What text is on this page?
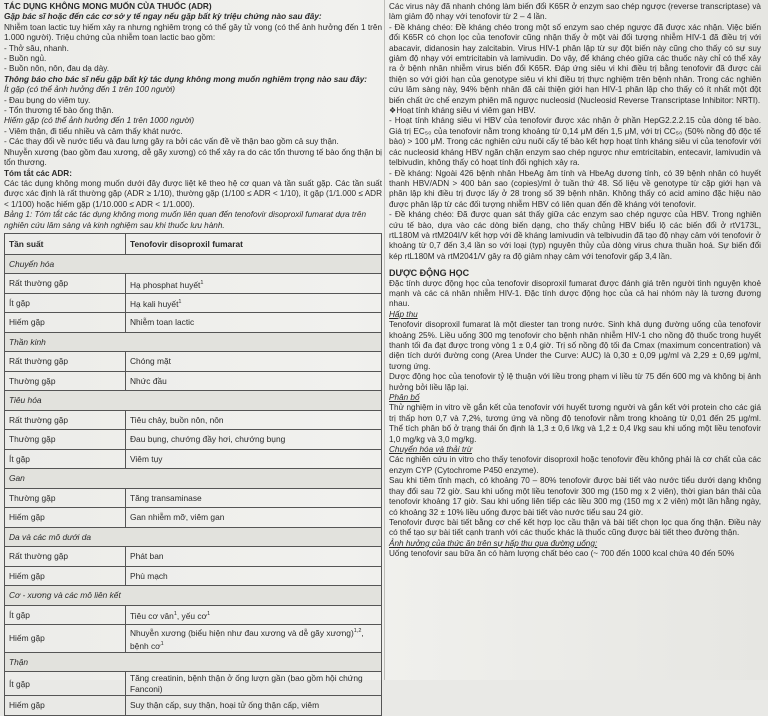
TÁC DỤNG KHÔNG MONG MUỐN CỦA THUỐC (ADR)

Gặp bác sĩ hoặc đến các cơ sở y tế ngay nếu gặp bất kỳ triệu chứng nào sau đây:

Nhiễm toan lactic tuy hiếm xảy ra nhưng nghiêm trọng có thể gây tử vong (có thể ảnh hưởng đến 1 trên 1.000 người). Triệu chứng của nhiễm toan lactic bao gồm:

- Thở sâu, nhanh.

- Buồn ngủ.

- Buồn nôn, nôn, đau dạ dày.

Thông báo cho bác sĩ nếu gặp bất kỳ tác dụng không mong muốn nghiêm trọng nào sau đây:

Ít gặp (có thể ảnh hưởng đến 1 trên 100 người)

- Đau bụng do viêm tụy.

- Tổn thương tế bào ống thận.

Hiếm gặp (có thể ảnh hưởng đến 1 trên 1000 người)

- Viêm thận, đi tiểu nhiều và cảm thấy khát nước.

- Các thay đổi về nước tiểu và đau lưng gây ra bởi các vấn đề về thận bao gồm cả suy thận.

Nhuyễn xương (bao gồm đau xương, dễ gãy xương) có thể xảy ra do các tổn thương tế bào ống thận bị tổn thương.

Tóm tắt các ADR:

Các tác dụng không mong muốn dưới đây được liệt kê theo hệ cơ quan và tần suất gặp. Các tần suất được xác định là rất thường gặp (ADR ≥ 1/10), thường gặp (1/100 ≤ ADR < 1/10), ít gặp (1/1.000 ≤ ADR < 1/100) hoặc hiếm gặp (1/10.000 ≤ ADR < 1/1.000).

Bảng 1: Tóm tắt các tác dụng không mong muốn liên quan đến tenofovir disoproxil fumarat dựa trên nghiên cứu lâm sàng và kinh nghiệm sau khi thuốc lưu hành.

Tần suất	Tenofovir disoproxil fumarat
Chuyển hóa	
Rất thường gặp	Hạ phosphat huyết$^1$
Ít gặp	Hạ kali huyết$^1$
Hiếm gặp	Nhiễm toan lactic
Thần kinh	
Rất thường gặp	Chóng mặt
Thường gặp	Nhức đầu
Tiêu hóa	
Rất thường gặp	Tiêu chảy, buồn nôn, nôn
Thường gặp	Đau bụng, chướng đầy hơi, chướng bụng
Ít gặp	Viêm tụy
Gan	
Thường gặp	Tăng transaminase
Hiếm gặp	Gan nhiễm mỡ, viêm gan
Da và các mô dưới da	
Rất thường gặp	Phát ban
Hiếm gặp	Phù mạch
Cơ - xương và các mô liên kết	
Ít gặp	Tiêu cơ vân$^1$, yếu $cơ^1$
Hiếm gặp	Nhuyễn xương (biểu hiện như đau xương và dễ gãy xương)$^{1,2}$, bệnh $cơ^1$
Thận	
Ít gặp	Tăng creatinin, bệnh thận ở ống lượn gần (bao gồm hội chứng Fanconi)
Hiếm gặp	Suy thận cấp, suy thận, hoại tử ống thận cấp, viêm

Các virus này đã nhanh chóng làm biến đổi K65R ở enzym sao chép ngược (reverse transcriptase) và làm giảm độ nhạy với tenofovir từ 2 – 4 lần.

- Đề kháng chéo: Đề kháng chéo trong một số enzym sao chép ngược đã được xác nhận. Việc biến đổi K65R có chọn lọc của tenofovir cũng nhận thấy ở một vài đối tượng nhiễm HIV-1 đã điều trị với abacavir, didanosin hay zalcitabin. Virus HIV-1 phân lập từ sự đột biến này cũng cho thấy có sự suy giảm độ nhạy với emtricitabin và lamivudin. Do vậy, để kháng chéo giữa các thuốc này chỉ có thể xảy ra ở bệnh nhân nhiễm virus biến đổi K65R. Đáp ứng siêu vi khi điều trị bằng tenofovir đã được cải thiện so với giới hạn của genotype siêu vi khi điều trị thực nghiệm trên bệnh nhân. Trong các nghiên cứu lâm sàng này, 94% bệnh nhân đã cải thiện giới hạn HIV-1 phân lập cho thấy có ít nhất một đột biến chất ức chế enzym phiên mã ngược nucleosid (Nucleosid Reverse Transcriptase Inhibitor: NRTI).

❖Hoạt tính kháng siêu vi viêm gan HBV.

- Hoạt tính kháng siêu vi HBV của tenofovir được xác nhận ở phần HepG2.2.2.15 của dòng tế bào. Giá trị EC₅₀ của tenofovir nằm trong khoảng từ 0,14 μM đến 1,5 μM, với trị CC₅₀ (50% nồng độ độc tế bào) > 100 μM. Trong các nghiên cứu nuôi cấy tế bào kết hợp hoạt tính kháng siêu vi của tenofovir với các nucleosid kháng HBV ngăn chặn enzym sao chép ngược như emtricitabin, entecavir, lamivudin và telbivudin, không thấy có hoạt tính đối nghịch xảy ra.

- Đề kháng: Ngoài 426 bệnh nhân HbeAg âm tính và HbeAg dương tính, có 39 bệnh nhân có huyết thanh HBV/ADN > 400 bản sao (copies)/ml ở tuần thứ 48. Số liệu về genotype từ cặp giới hạn và phân lập khi điều trị được lấy ở 28 trong số 39 bệnh nhân. Không thấy có acid amino đặc hiệu nào được phân lập từ các đối tượng nhiễm HBV có liên quan đến đề kháng với tenofovir.

- Đề kháng chéo: Đã được quan sát thấy giữa các enzym sao chép ngược của HBV. Trong nghiên cứu tế bào, dựa vào các dòng biến dạng, cho thấy chủng HBV biểu lộ các biến đổi ở rtV173L, rtL180M và rtM204I/V kết hợp với đề kháng lamivudin và telbivudin đã tạo độ nhạy cảm với tenofovir ở khoảng từ 0,7 đến 3,4 lần so với loại (typ) nguyên thủy của dòng virus chưa thuần hoá. Sự biến đổi kép rtL180M và rtM2041/V gây ra độ giảm nhạy cảm với tenofovir gấp 3,4 lần.

DƯỢC ĐỘNG HỌC

Đặc tính dược động học của tenofovir disoproxil fumarat được đánh giá trên người tình nguyện khoẻ mạnh và các cá nhân nhiễm HIV-1. Đặc tính dược động học của cả hai nhóm này là tương đương nhau.

Hấp thu

Tenofovir disoproxil fumarat là một diester tan trong nước. Sinh khả dụng đường uống của tenofovir khoảng 25%. Liều uống 300 mg tenofovir cho bệnh nhân nhiễm HIV-1 cho nồng độ thuốc trong huyết thanh tối đa đạt được trong vòng 1 ± 0,4 giờ. Trị số nồng độ tối đa Cmax (maximum concentration) và diện tích dưới đường cong (Area Under the Curve: AUC) là 0,30 ± 0,09 μg/ml và 2,29 ± 0,69 μg/ml, tương ứng.

Dược động học của tenofovir tỷ lệ thuận với liều trong phạm vi liều từ 75 đến 600 mg và không bị ảnh hưởng bởi liều lặp lại.

Phân bố

Thử nghiệm in vitro về gắn kết của tenofovir với huyết tương người và gắn kết với protein cho các giá trị thấp hơn 0,7 và 7,2%, tương ứng và nồng độ tenofovir nằm trong khoảng từ 0,01 đến 25 μg/ml. Thể tích phân bố ở trạng thái ổn định là 1,3 ± 0,6 l/kg và 1,2 ± 0,4 l/kg sau khi uống một liều tenofovir 1,0 mg/kg và 3,0 mg/kg.

Chuyển hóa và thải trừ

Các nghiên cứu in vitro cho thấy tenofovir disoproxil hoặc tenofovir đều không phải là cơ chất của các enzym CYP (Cytochrome P450 enzyme).

Sau khi tiêm tĩnh mạch, có khoảng 70 – 80% tenofovir được bài tiết vào nước tiểu dưới dạng không thay đổi sau 72 giờ. Sau khi uống một liều tenofovir 300 mg (150 mg x 2 viên), thời gian bán thải của tenofovir khoảng 17 giờ. Sau khi uống liên tiếp các liều 300 mg (150 mg x 2 viên) một lần hằng ngày, có khoảng 32 ± 10% liều uống được bài tiết vào nước tiểu sau 24 giờ.

Tenofovir được bài tiết bằng cơ chế kết hợp lọc cầu thận và bài tiết chọn lọc qua ống thận. Điều này có thể tạo sự bài tiết cạnh tranh với các thuốc khác là thuốc cũng được bài tiết theo đường thận.

Ảnh hưởng của thức ăn trên sự hấp thu qua đường uống:

Uống tenofovir sau bữa ăn có hàm lượng chất béo cao (~ 700 đến 1000 kcal chứa 40 đến 50%
